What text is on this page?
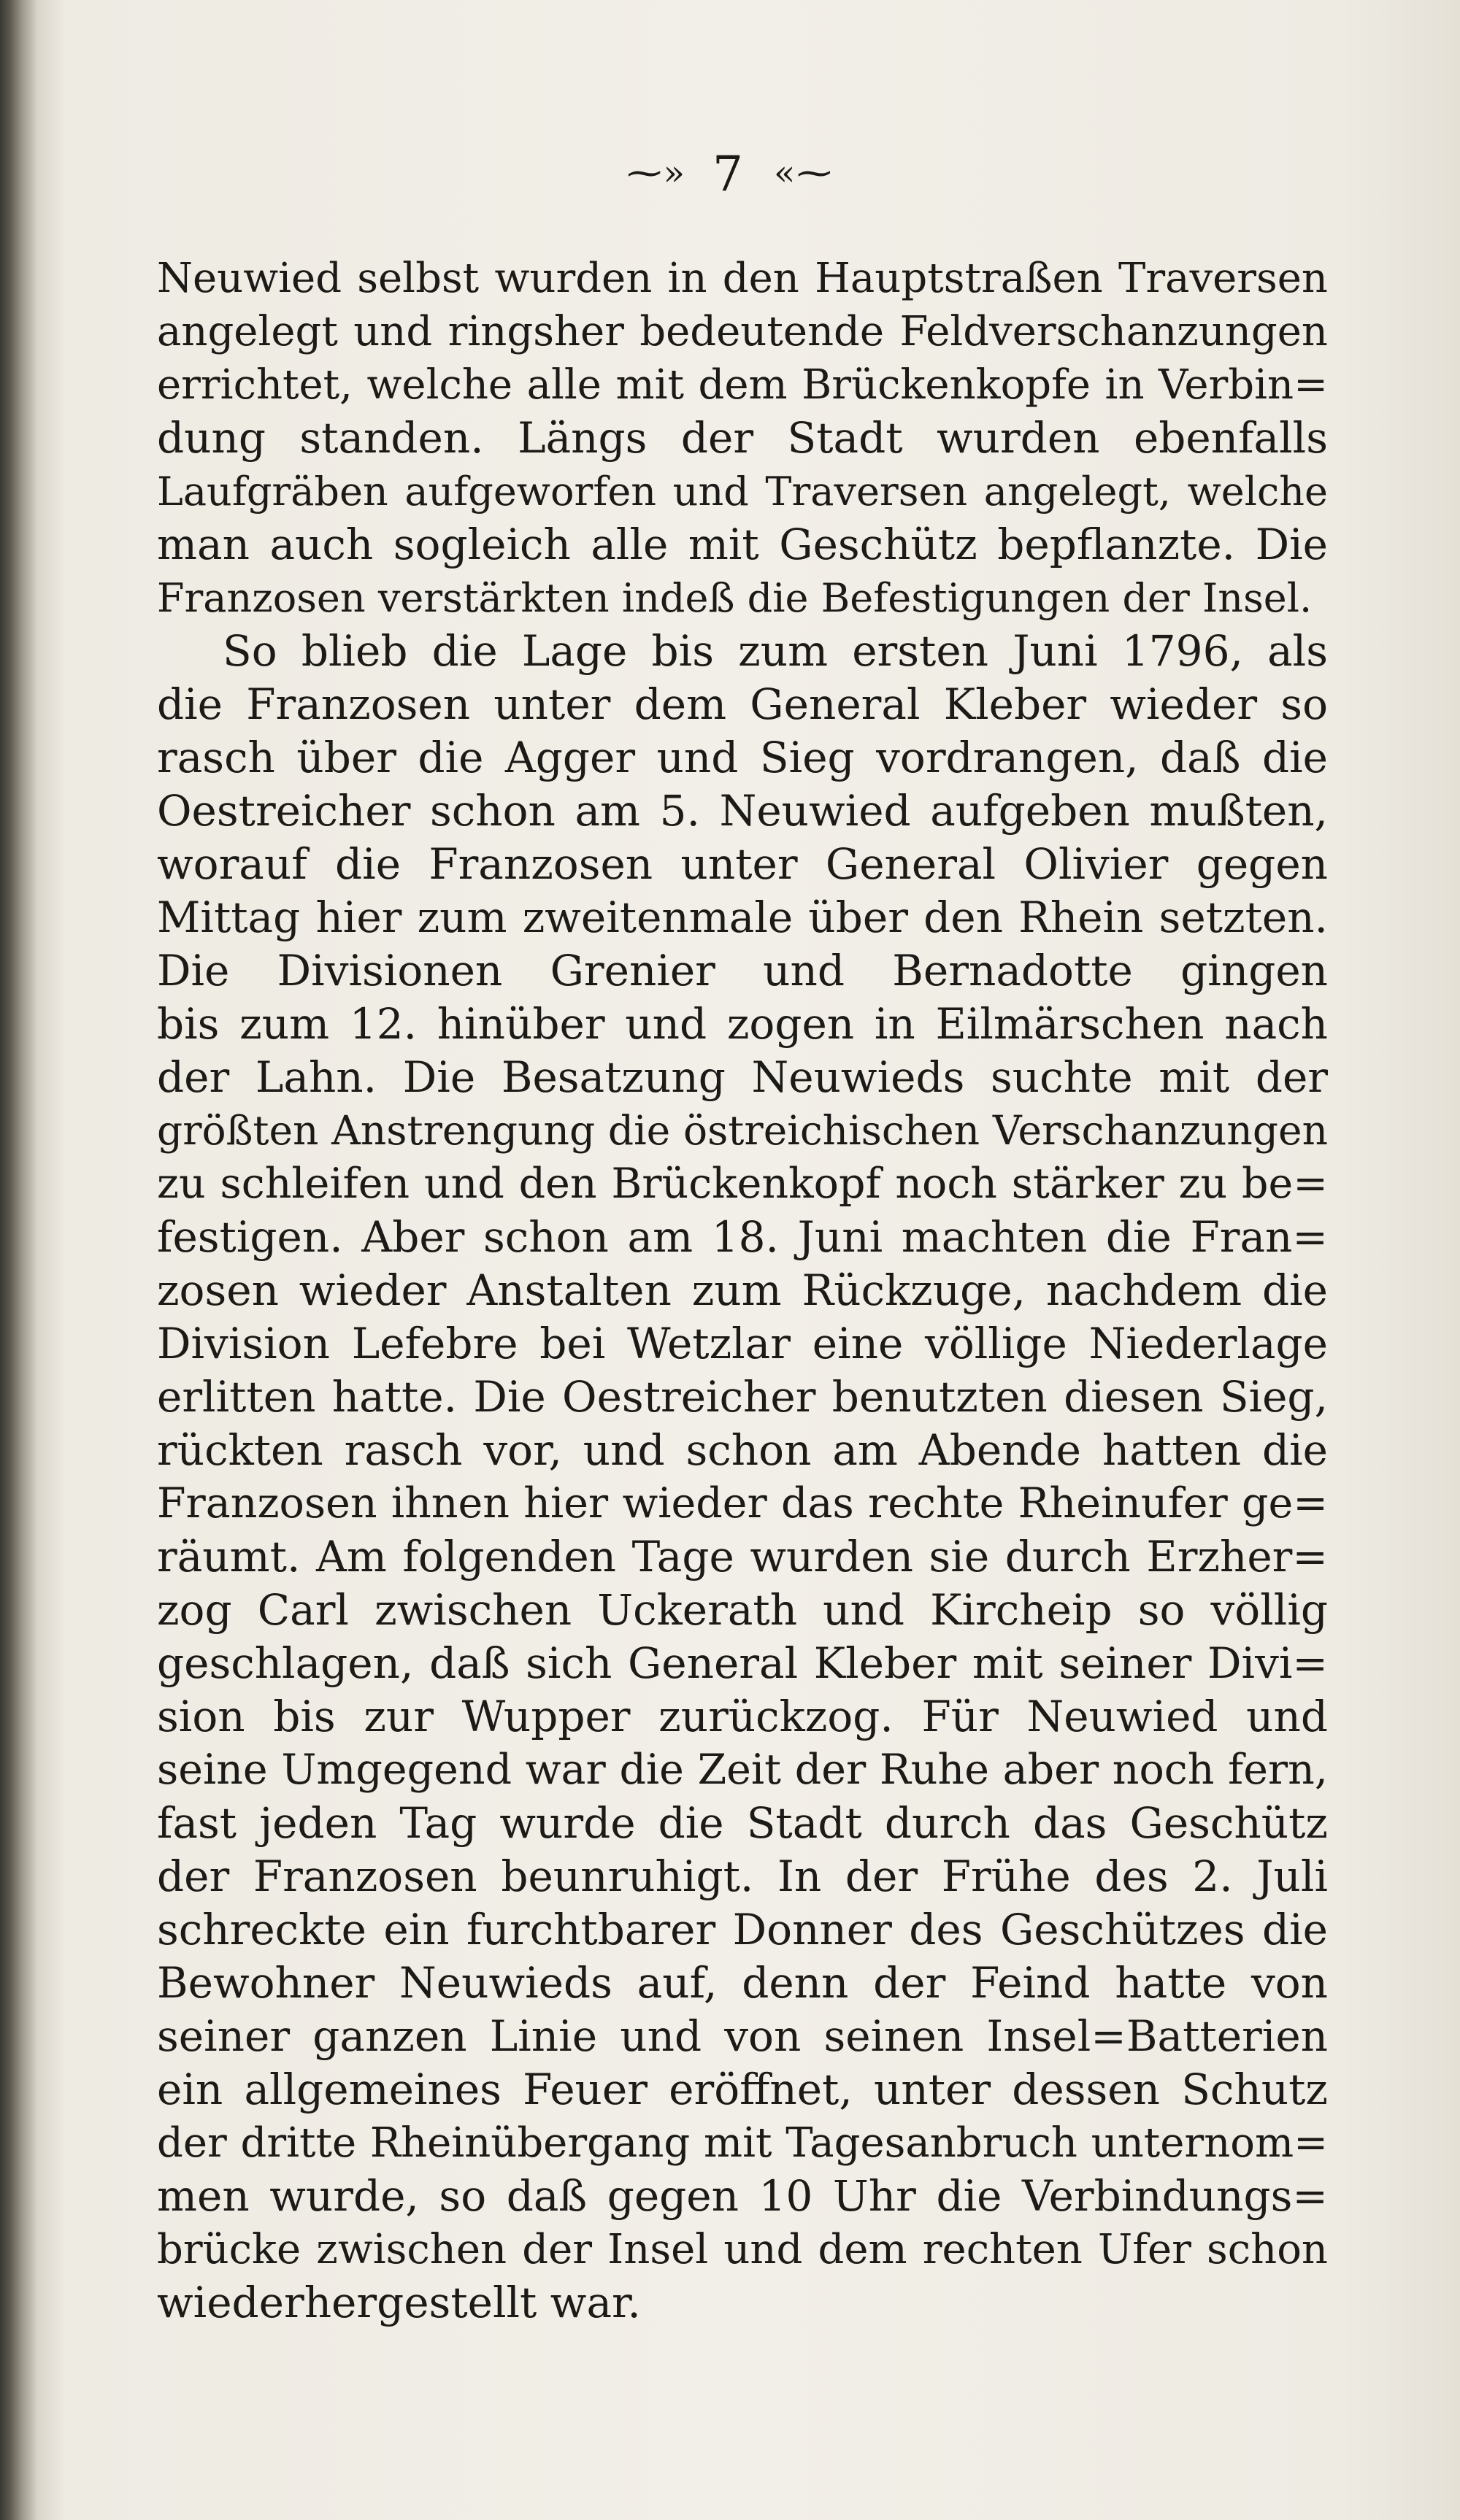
⁓» 7 «⁓
Neuwied selbst wurden in den Hauptstraßen Traversen
angelegt und ringsher bedeutende Feldverschanzungen
errichtet, welche alle mit dem Brückenkopfe in Verbin=
dung standen. Längs der Stadt wurden ebenfalls
Laufgräben aufgeworfen und Traversen angelegt, welche
man auch sogleich alle mit Geschütz bepflanzte. Die
Franzosen verstärkten indeß die Befestigungen der Insel.
So blieb die Lage bis zum ersten Juni 1796, als
die Franzosen unter dem General Kleber wieder so
rasch über die Agger und Sieg vordrangen, daß die
Oestreicher schon am 5. Neuwied aufgeben mußten,
worauf die Franzosen unter General Olivier gegen
Mittag hier zum zweitenmale über den Rhein setzten.
Die Divisionen Grenier und Bernadotte gingen
bis zum 12. hinüber und zogen in Eilmärschen nach
der Lahn. Die Besatzung Neuwieds suchte mit der
größten Anstrengung die östreichischen Verschanzungen
zu schleifen und den Brückenkopf noch stärker zu be=
festigen. Aber schon am 18. Juni machten die Fran=
zosen wieder Anstalten zum Rückzuge, nachdem die
Division Lefebre bei Wetzlar eine völlige Niederlage
erlitten hatte. Die Oestreicher benutzten diesen Sieg,
rückten rasch vor, und schon am Abende hatten die
Franzosen ihnen hier wieder das rechte Rheinufer ge=
räumt. Am folgenden Tage wurden sie durch Erzher=
zog Carl zwischen Uckerath und Kircheip so völlig
geschlagen, daß sich General Kleber mit seiner Divi=
sion bis zur Wupper zurückzog. Für Neuwied und
seine Umgegend war die Zeit der Ruhe aber noch fern,
fast jeden Tag wurde die Stadt durch das Geschütz
der Franzosen beunruhigt. In der Frühe des 2. Juli
schreckte ein furchtbarer Donner des Geschützes die
Bewohner Neuwieds auf, denn der Feind hatte von
seiner ganzen Linie und von seinen Insel=Batterien
ein allgemeines Feuer eröffnet, unter dessen Schutz
der dritte Rheinübergang mit Tagesanbruch unternom=
men wurde, so daß gegen 10 Uhr die Verbindungs=
brücke zwischen der Insel und dem rechten Ufer schon
wiederhergestellt war.
